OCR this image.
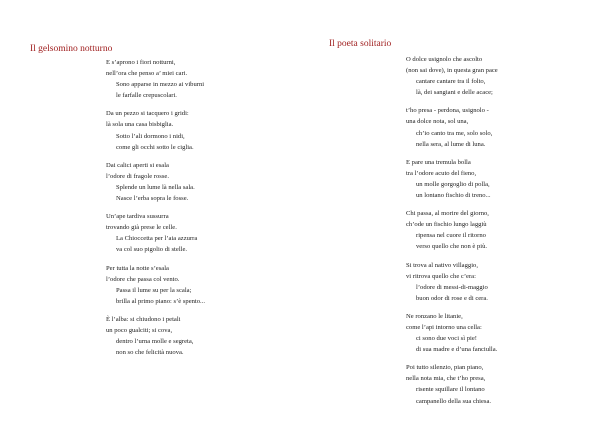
Il gelsomino notturno
E s’aprono i fiori notturni,
nell’ora che penso a’ miei cari.
Sono apparse in mezzo ai viburni
le farfalle crepuscolari.
Da un pezzo si tacquero i gridi:
là sola una casa bisbiglia.
Sotto l’ali dormono i nidi,
come gli occhi sotto le ciglia.
Dai calici aperti si esala
l’odore di fragole rosse.
Splende un lume là nella sala.
Nasce l’erba sopra le fosse.
Un’ape tardiva sussurra
trovando già prese le celle.
La Chioccetta per l’aia azzurra
va col suo pigolio di stelle.
Per tutta la notte s’esala
l’odore che passa col vento.
Passa il lume su per la scala;
brilla al primo piano: s’è spento...
È l’alba: si chiudono i petali
un poco gualciti; si cova,
dentro l’urna molle e segreta,
non so che felicità nuova.
Il poeta solitario
O dolce usignolo che ascolto
(non sai dove), in questa gran pace
cantare cantare tra il folto,
là, dei sangiani e delle acace;
t’ho presa - perdona, usignolo -
una dolce nota, sol una,
ch’io canto tra me, solo solo,
nella sera, al lume di luna.
E pare una tremula bolla
tra l’odore acuto del fieno,
un molle gorgoglio di polla,
un lontano fischio di treno...
Chi passa, al morire del giorno,
ch’ode un fischio lungo laggiù
ripensa nel cuore il ritorno
verso quello che non è più.
Si trova al nativo villaggio,
vi ritrova quello che c’era:
l’odore di messi-di-maggio
buon odor di rose e di cera.
Ne ronzano le litanie,
come l’api intorno una cella:
ci sono due voci sì pie!
di sua madre e d’una fanciulla.
Poi tutto silenzio, pian piano,
nella nota mia, che t’ho presa,
risente squillare il lontano
campanello della sua chiesa.
